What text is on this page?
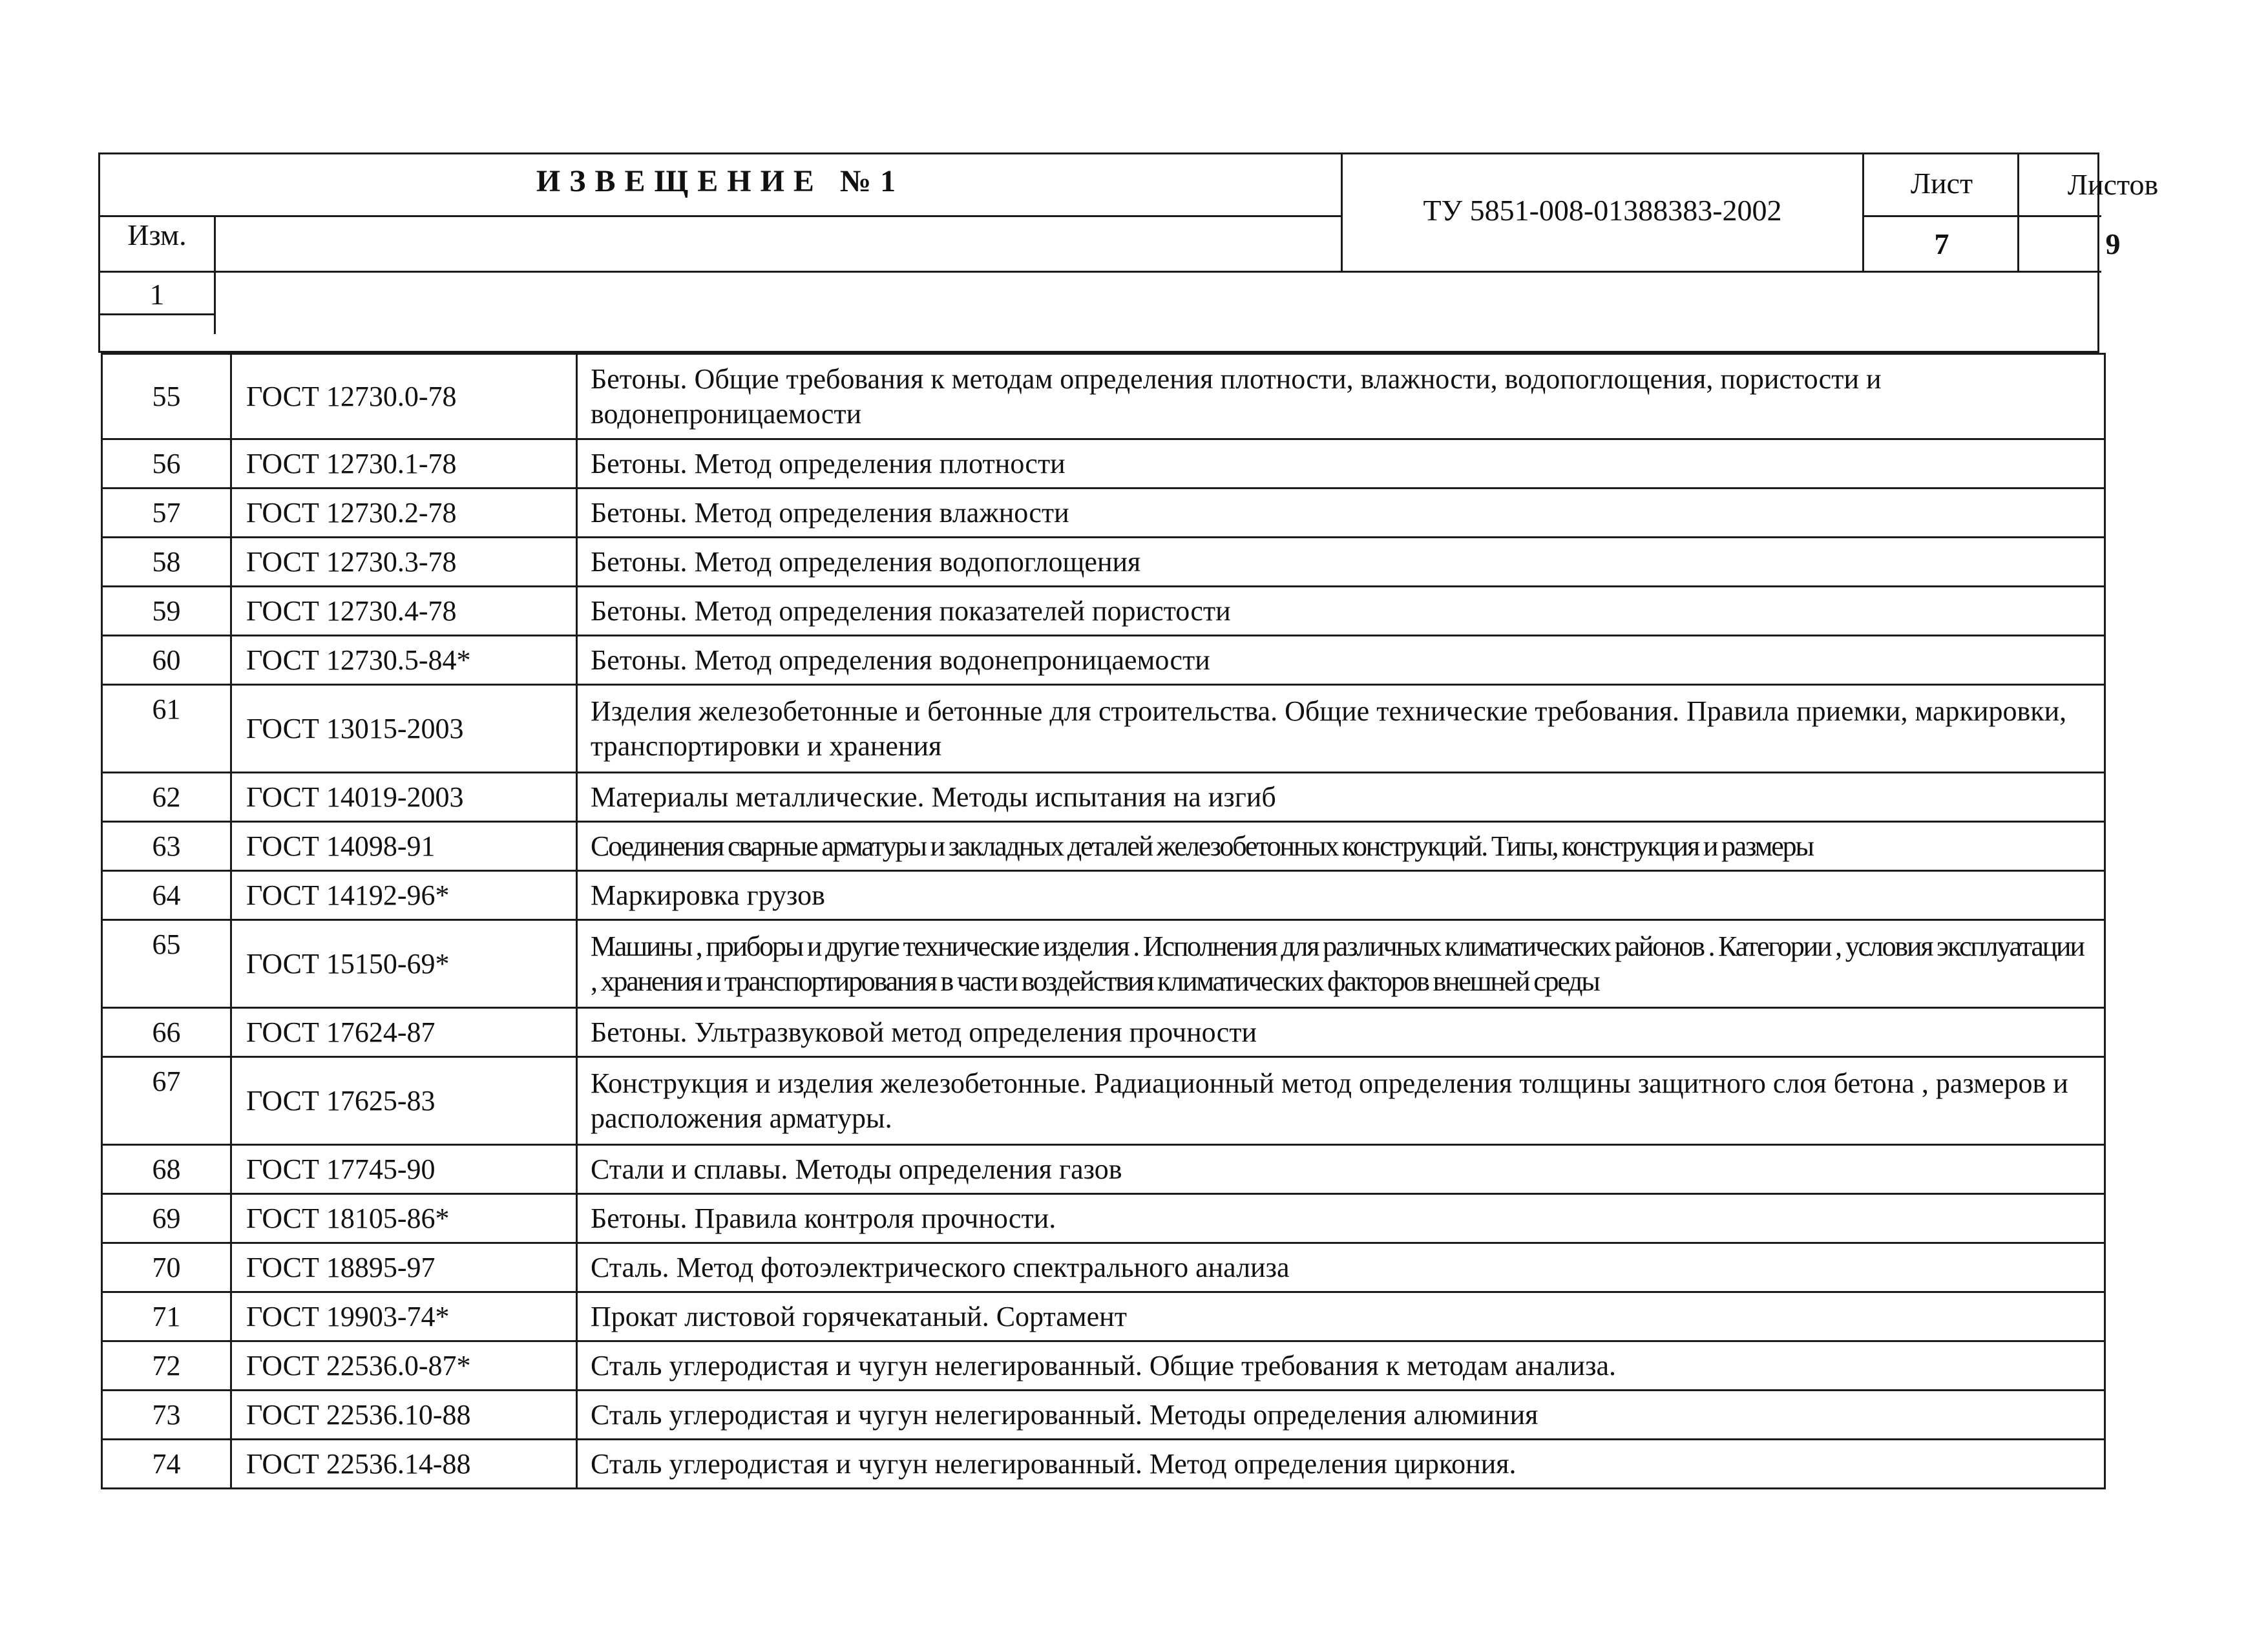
ИЗВЕЩЕНИЕ №1
Изм.
1
ТУ 5851-008-01388383-2002
Лист	Листов
7	9
55	ГОСТ 12730.0-78	Бетоны. Общие требования к методам определения плотности, влажности, водопоглощения, пористости и водонепроницаемости
56	ГОСТ 12730.1-78	Бетоны. Метод определения плотности
57	ГОСТ 12730.2-78	Бетоны. Метод определения влажности
58	ГОСТ 12730.3-78	Бетоны. Метод определения водопоглощения
59	ГОСТ 12730.4-78	Бетоны. Метод определения показателей пористости
60	ГОСТ 12730.5-84*	Бетоны. Метод определения водонепроницаемости
61	ГОСТ 13015-2003	Изделия железобетонные и бетонные для строительства. Общие технические требования. Правила приемки, маркировки, транспортировки и хранения
62	ГОСТ 14019-2003	Материалы металлические. Методы испытания на изгиб
63	ГОСТ 14098-91	Соединения сварные арматуры и закладных деталей железобетонных конструкций. Типы, конструкция и размеры
64	ГОСТ 14192-96*	Маркировка грузов
65	ГОСТ 15150-69*	Машины , приборы и другие технические изделия . Исполнения для различных климатических районов . Категории , условия эксплуатации , хранения и транспортирования в части воздействия климатических факторов внешней среды
66	ГОСТ 17624-87	Бетоны. Ультразвуковой метод определения прочности
67	ГОСТ 17625-83	Конструкция и изделия железобетонные. Радиационный метод определения толщины защитного слоя бетона , размеров и расположения арматуры.
68	ГОСТ 17745-90	Стали и сплавы. Методы определения газов
69	ГОСТ 18105-86*	Бетоны. Правила контроля прочности.
70	ГОСТ 18895-97	Сталь. Метод фотоэлектрического спектрального анализа
71	ГОСТ 19903-74*	Прокат листовой горячекатаный. Сортамент
72	ГОСТ 22536.0-87*	Сталь углеродистая и чугун нелегированный. Общие требования к методам анализа.
73	ГОСТ 22536.10-88	Сталь углеродистая и чугун нелегированный. Методы определения алюминия
74	ГОСТ 22536.14-88	Сталь углеродистая и чугун нелегированный. Метод определения циркония.
